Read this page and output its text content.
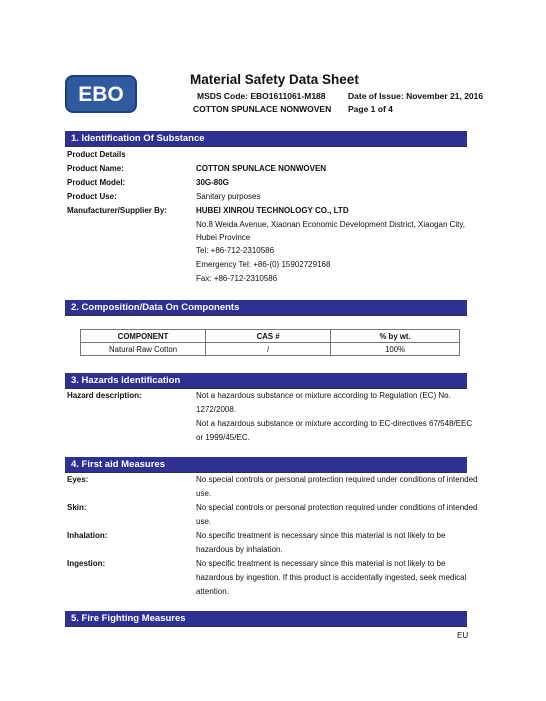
EBO
Material Safety Data Sheet
MSDS Code: EBO1611061-M188	Date of Issue: November 21, 2016
COTTON SPUNLACE NONWOVEN Page 1 of 4
1. Identification Of Substance
Product Details
Product Name:	COTTON SPUNLACE NONWOVEN
Product Model:	30G-80G
Product Use:	Sanitary purposes
Manufacturer/Supplier By:	HUBEI XINROU TECHNOLOGY CO., LTD
No.8 Weida Avenue, Xiaonan Economic Development District, Xiaogan City,
Hubei Province
Tel: +86-712-2310586
Emergency Tel: +86-(0) 15902729168
Fax: +86-712-2310586
2. Composition/Data On Components
COMPONENT	CAS #	% by wt.
Natural Raw Cotton	/	100%
3. Hazards Identification
Hazard description:	Not a hazardous substance or mixture according to Regulation (EC) No.
1272/2008.
Not a hazardous substance or mixture according to EC-directives 67/548/EEC
or 1999/45/EC.
4. First aid Measures
Eyes:	No special controls or personal protection required under conditions of intended
use.
Skin:	No special controls or personal protection required under conditions of intended
use.
Inhalation:	No specific treatment is necessary since this material is not likely to be
hazardous by inhalation.
Ingestion:	No specific treatment is necessary since this material is not likely to be
hazardous by ingestion. If this product is accidentally ingested, seek medical
attention.
5. Fire Fighting Measures
EU
